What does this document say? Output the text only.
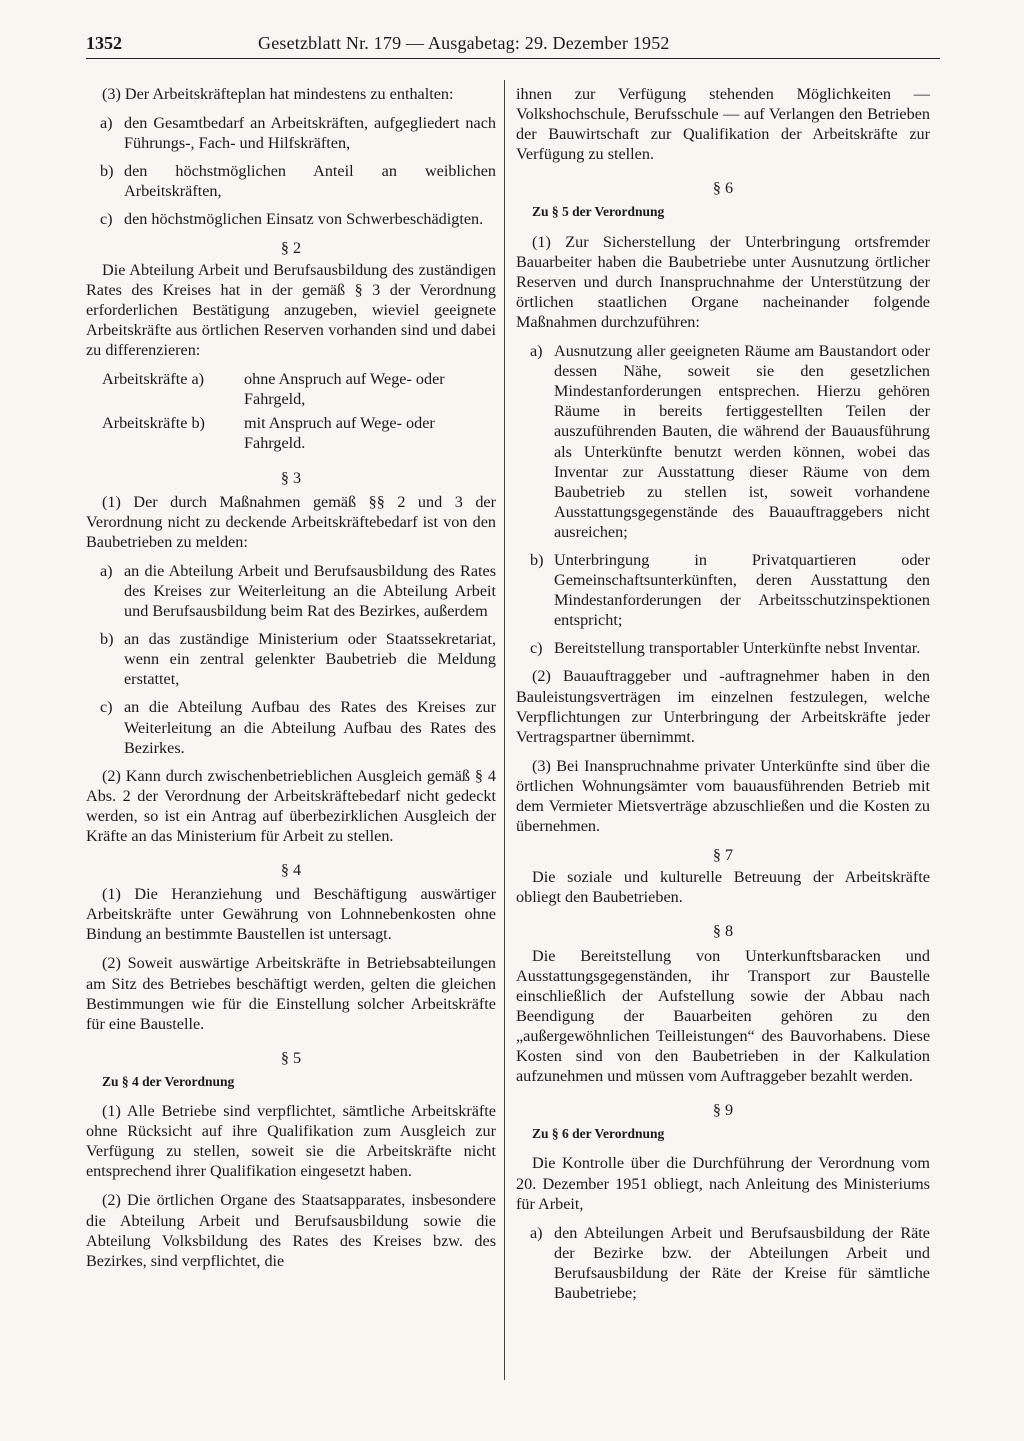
1352	Gesetzblatt Nr. 179 — Ausgabetag: 29. Dezember 1952

(3) Der Arbeitskräfteplan hat mindestens zu enthalten:

a) den Gesamtbedarf an Arbeitskräften, aufgegliedert nach Führungs-, Fach- und Hilfskräften,
b) den höchstmöglichen Anteil an weiblichen Arbeitskräften,
c) den höchstmöglichen Einsatz von Schwerbeschädigten.
§ 2

Die Abteilung Arbeit und Berufsausbildung des zuständigen Rates des Kreises hat in der gemäß § 3 der Verordnung erforderlichen Bestätigung anzugeben, wieviel geeignete Arbeitskräfte aus örtlichen Reserven vorhanden sind und dabei zu differenzieren:

Arbeitskräfte a)	ohne Anspruch auf Wege- oder Fahrgeld,
Arbeitskräfte b)	mit Anspruch auf Wege- oder Fahrgeld.
§ 3

(1) Der durch Maßnahmen gemäß §§ 2 und 3 der Verordnung nicht zu deckende Arbeitskräftebedarf ist von den Baubetrieben zu melden:

a) an die Abteilung Arbeit und Berufsausbildung des Rates des Kreises zur Weiterleitung an die Abteilung Arbeit und Berufsausbildung beim Rat des Bezirkes, außerdem
b) an das zuständige Ministerium oder Staatssekretariat, wenn ein zentral gelenkter Baubetrieb die Meldung erstattet,
c) an die Abteilung Aufbau des Rates des Kreises zur Weiterleitung an die Abteilung Aufbau des Rates des Bezirkes.

(2) Kann durch zwischenbetrieblichen Ausgleich gemäß § 4 Abs. 2 der Verordnung der Arbeitskräftebedarf nicht gedeckt werden, so ist ein Antrag auf überbezirklichen Ausgleich der Kräfte an das Ministerium für Arbeit zu stellen.

§ 4

(1) Die Heranziehung und Beschäftigung auswärtiger Arbeitskräfte unter Gewährung von Lohnnebenkosten ohne Bindung an bestimmte Baustellen ist untersagt.

(2) Soweit auswärtige Arbeitskräfte in Betriebsabteilungen am Sitz des Betriebes beschäftigt werden, gelten die gleichen Bestimmungen wie für die Einstellung solcher Arbeitskräfte für eine Baustelle.

§ 5

Zu § 4 der Verordnung

(1) Alle Betriebe sind verpflichtet, sämtliche Arbeitskräfte ohne Rücksicht auf ihre Qualifikation zum Ausgleich zur Verfügung zu stellen, soweit sie die Arbeitskräfte nicht entsprechend ihrer Qualifikation eingesetzt haben.

(2) Die örtlichen Organe des Staatsapparates, insbesondere die Abteilung Arbeit und Berufsausbildung sowie die Abteilung Volksbildung des Rates des Kreises bzw. des Bezirkes, sind verpflichtet, die

ihnen zur Verfügung stehenden Möglichkeiten — Volkshochschule, Berufsschule — auf Verlangen den Betrieben der Bauwirtschaft zur Qualifikation der Arbeitskräfte zur Verfügung zu stellen.

§ 6

Zu § 5 der Verordnung

(1) Zur Sicherstellung der Unterbringung ortsfremder Bauarbeiter haben die Baubetriebe unter Ausnutzung örtlicher Reserven und durch Inanspruchnahme der Unterstützung der örtlichen staatlichen Organe nacheinander folgende Maßnahmen durchzuführen:

a) Ausnutzung aller geeigneten Räume am Baustandort oder dessen Nähe, soweit sie den gesetzlichen Mindestanforderungen entsprechen. Hierzu gehören Räume in bereits fertiggestellten Teilen der auszuführenden Bauten, die während der Bauausführung als Unterkünfte benutzt werden können, wobei das Inventar zur Ausstattung dieser Räume von dem Baubetrieb zu stellen ist, soweit vorhandene Ausstattungsgegenstände des Bauauftraggebers nicht ausreichen;
b) Unterbringung in Privatquartieren oder Gemeinschaftsunterkünften, deren Ausstattung den Mindestanforderungen der Arbeitsschutzinspektionen entspricht;
c) Bereitstellung transportabler Unterkünfte nebst Inventar.

(2) Bauauftraggeber und -auftragnehmer haben in den Bauleistungsverträgen im einzelnen festzulegen, welche Verpflichtungen zur Unterbringung der Arbeitskräfte jeder Vertragspartner übernimmt.

(3) Bei Inanspruchnahme privater Unterkünfte sind über die örtlichen Wohnungsämter vom bauausführenden Betrieb mit dem Vermieter Mietsverträge abzuschließen und die Kosten zu übernehmen.

§ 7

Die soziale und kulturelle Betreuung der Arbeitskräfte obliegt den Baubetrieben.

§ 8

Die Bereitstellung von Unterkunftsbaracken und Ausstattungsgegenständen, ihr Transport zur Baustelle einschließlich der Aufstellung sowie der Abbau nach Beendigung der Bauarbeiten gehören zu den „außergewöhnlichen Teilleistungen“ des Bauvorhabens. Diese Kosten sind von den Baubetrieben in der Kalkulation aufzunehmen und müssen vom Auftraggeber bezahlt werden.

§ 9

Zu § 6 der Verordnung

Die Kontrolle über die Durchführung der Verordnung vom 20. Dezember 1951 obliegt, nach Anleitung des Ministeriums für Arbeit,

a) den Abteilungen Arbeit und Berufsausbildung der Räte der Bezirke bzw. der Abteilungen Arbeit und Berufsausbildung der Räte der Kreise für sämtliche Baubetriebe;
